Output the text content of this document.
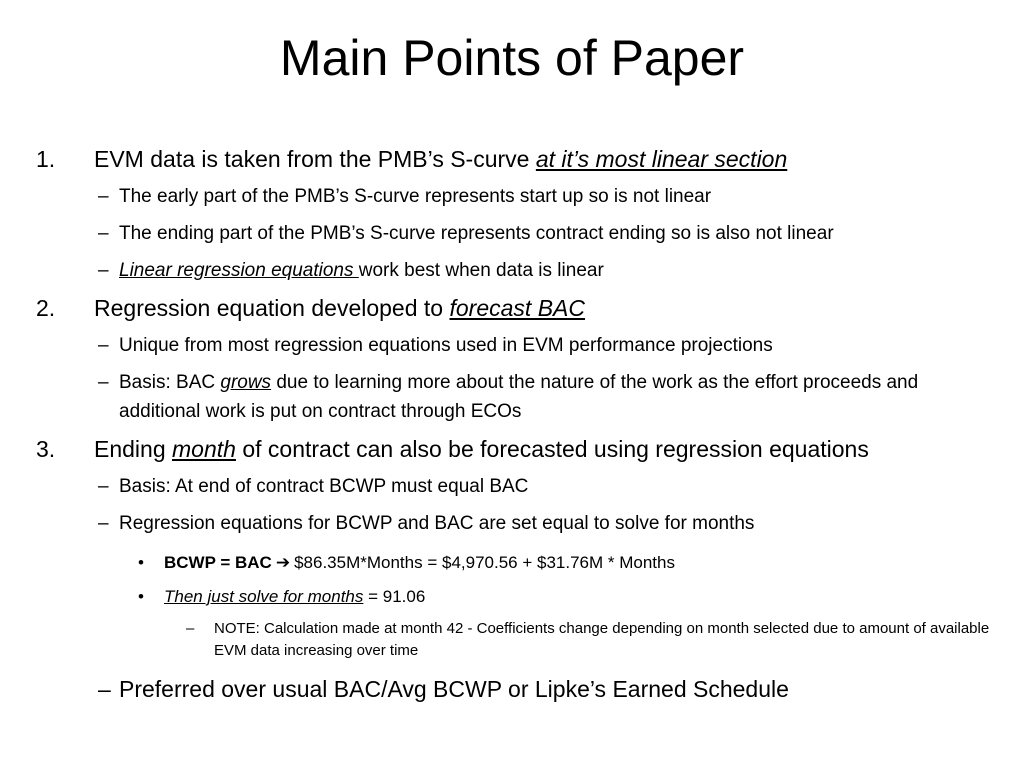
Main Points of Paper
1. EVM data is taken from the PMB’s S-curve at it’s most linear section
– The early part of the PMB’s S-curve represents start up so is not linear
– The ending part of the PMB’s S-curve represents contract ending so is also not linear
– Linear regression equations work best when data is linear
2. Regression equation developed to forecast BAC
– Unique from most regression equations used in EVM performance projections
– Basis: BAC grows due to learning more about the nature of the work as the effort proceeds and additional work is put on contract through ECOs
3. Ending month of contract can also be forecasted using regression equations
– Basis: At end of contract BCWP must equal BAC
– Regression equations for BCWP and BAC are set equal to solve for months
• BCWP = BAC ➔ $86.35M*Months = $4,970.56 + $31.76M * Months
• Then just solve for months = 91.06
– NOTE: Calculation made at month 42 - Coefficients change depending on month selected due to amount of available EVM data increasing over time
– Preferred over usual BAC/Avg BCWP or Lipke’s Earned Schedule
